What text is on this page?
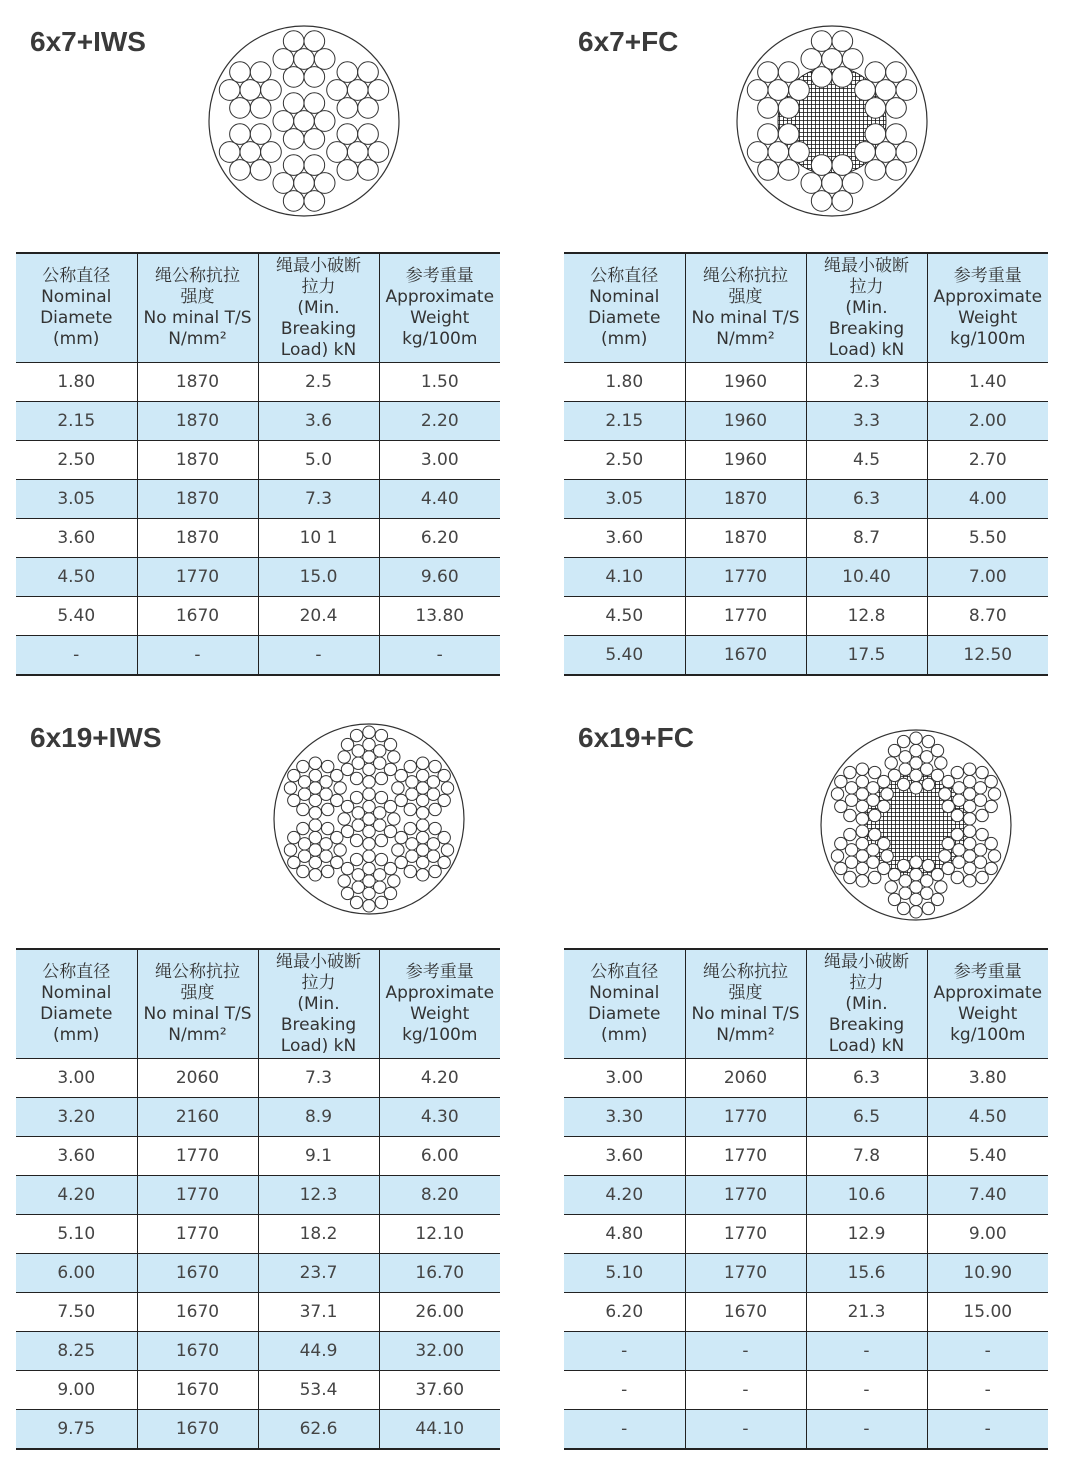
6x7+IWS
公称直径
Nominal
Diamete
(mm)	绳公称抗拉
强度
No minal T/S
N/mm²	绳最小破断
拉力
(Min.
Breaking
Load) kN	参考重量
Approximate
Weight
kg/100m

1.80	1870	2.5	1.50
2.15	1870	3.6	2.20
2.50	1870	5.0	3.00
3.05	1870	7.3	4.40
3.60	1870	10 1	6.20
4.50	1770	15.0	9.60
5.40	1670	20.4	13.80
-	-	-	-
6x7+FC
公称直径
Nominal
Diamete
(mm)	绳公称抗拉
强度
No minal T/S
N/mm²	绳最小破断
拉力
(Min.
Breaking
Load) kN	参考重量
Approximate
Weight
kg/100m

1.80	1960	2.3	1.40
2.15	1960	3.3	2.00
2.50	1960	4.5	2.70
3.05	1870	6.3	4.00
3.60	1870	8.7	5.50
4.10	1770	10.40	7.00
4.50	1770	12.8	8.70
5.40	1670	17.5	12.50
6x19+IWS
公称直径
Nominal
Diamete
(mm)	绳公称抗拉
强度
No minal T/S
N/mm²	绳最小破断
拉力
(Min.
Breaking
Load) kN	参考重量
Approximate
Weight
kg/100m

3.00	2060	7.3	4.20
3.20	2160	8.9	4.30
3.60	1770	9.1	6.00
4.20	1770	12.3	8.20
5.10	1770	18.2	12.10
6.00	1670	23.7	16.70
7.50	1670	37.1	26.00
8.25	1670	44.9	32.00
9.00	1670	53.4	37.60
9.75	1670	62.6	44.10
6x19+FC
公称直径
Nominal
Diamete
(mm)	绳公称抗拉
强度
No minal T/S
N/mm²	绳最小破断
拉力
(Min.
Breaking
Load) kN	参考重量
Approximate
Weight
kg/100m

3.00	2060	6.3	3.80
3.30	1770	6.5	4.50
3.60	1770	7.8	5.40
4.20	1770	10.6	7.40
4.80	1770	12.9	9.00
5.10	1770	15.6	10.90
6.20	1670	21.3	15.00
-	-	-	-
-	-	-	-
-	-	-	-
